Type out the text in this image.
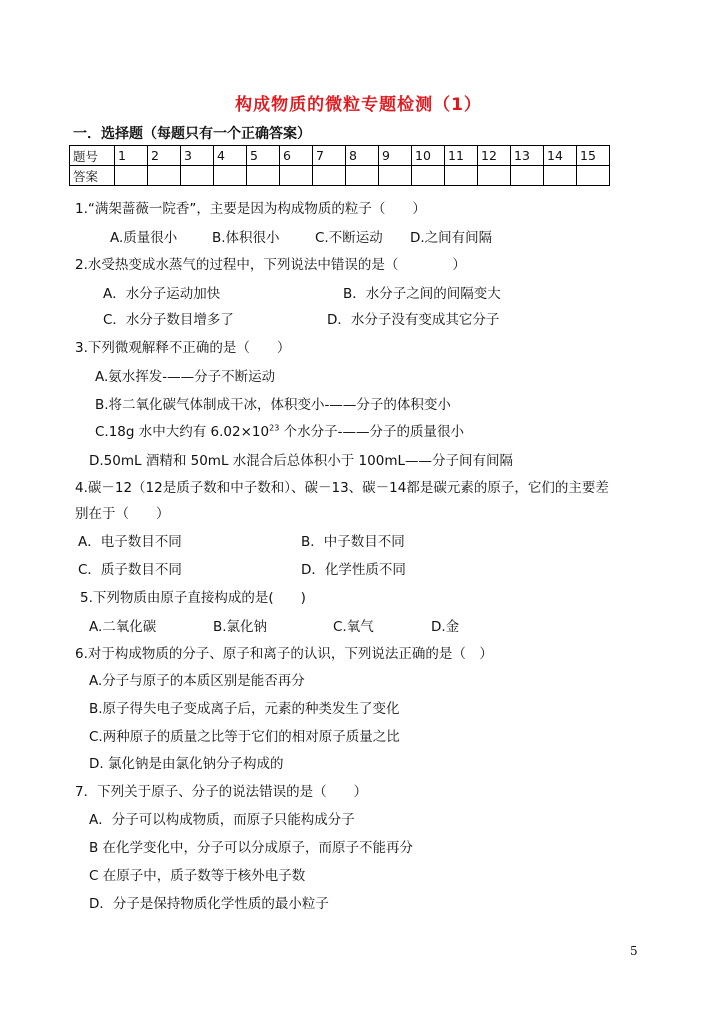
构成物质的微粒专题检测（1）
一．选择题（每题只有一个正确答案）
题号	1	2	3	4	5	6	7	8	9	10	11	12	13	14	15
答案															
1.“满架蔷薇一院香”，主要是因为构成物质的粒子（　　）
A.质量很小	B.体积很小	C.不断运动 D.之间有间隔
2.水受热变成水蒸气的过程中，下列说法中错误的是（　　　　）
A．水分子运动加快	B．水分子之间的间隔变大
C．水分子数目增多了	D．水分子没有变成其它分子
3.下列微观解释不正确的是（　　）
A.氨水挥发-——分子不断运动
B.将二氧化碳气体制成干冰，体积变小-——分子的体积变小
C.18g 水中大约有 $6.02\times 10^{23}$ 个水分子-——分子的质量很小
D.50mL 酒精和 50mL 水混合后总体积小于 100mL——分子间有间隔
4.碳－12（12是质子数和中子数和）、碳－13、碳－14都是碳元素的原子，它们的主要差
别在于（　　）
A．电子数目不同	B．中子数目不同
C．质子数目不同	D．化学性质不同
5.下列物质由原子直接构成的是(　　)
A.二氧化碳	B.氯化钠	C.氧气	D.金
6.对于构成物质的分子、原子和离子的认识，下列说法正确的是（　）
A.分子与原子的本质区别是能否再分
B.原子得失电子变成离子后，元素的种类发生了变化
C.两种原子的质量之比等于它们的相对原子质量之比
D. 氯化钠是由氯化钠分子构成的
7．下列关于原子、分子的说法错误的是（　　）
A．分子可以构成物质，而原子只能构成分子
B 在化学变化中，分子可以分成原子，而原子不能再分
C 在原子中，质子数等于核外电子数
D．分子是保持物质化学性质的最小粒子
5
